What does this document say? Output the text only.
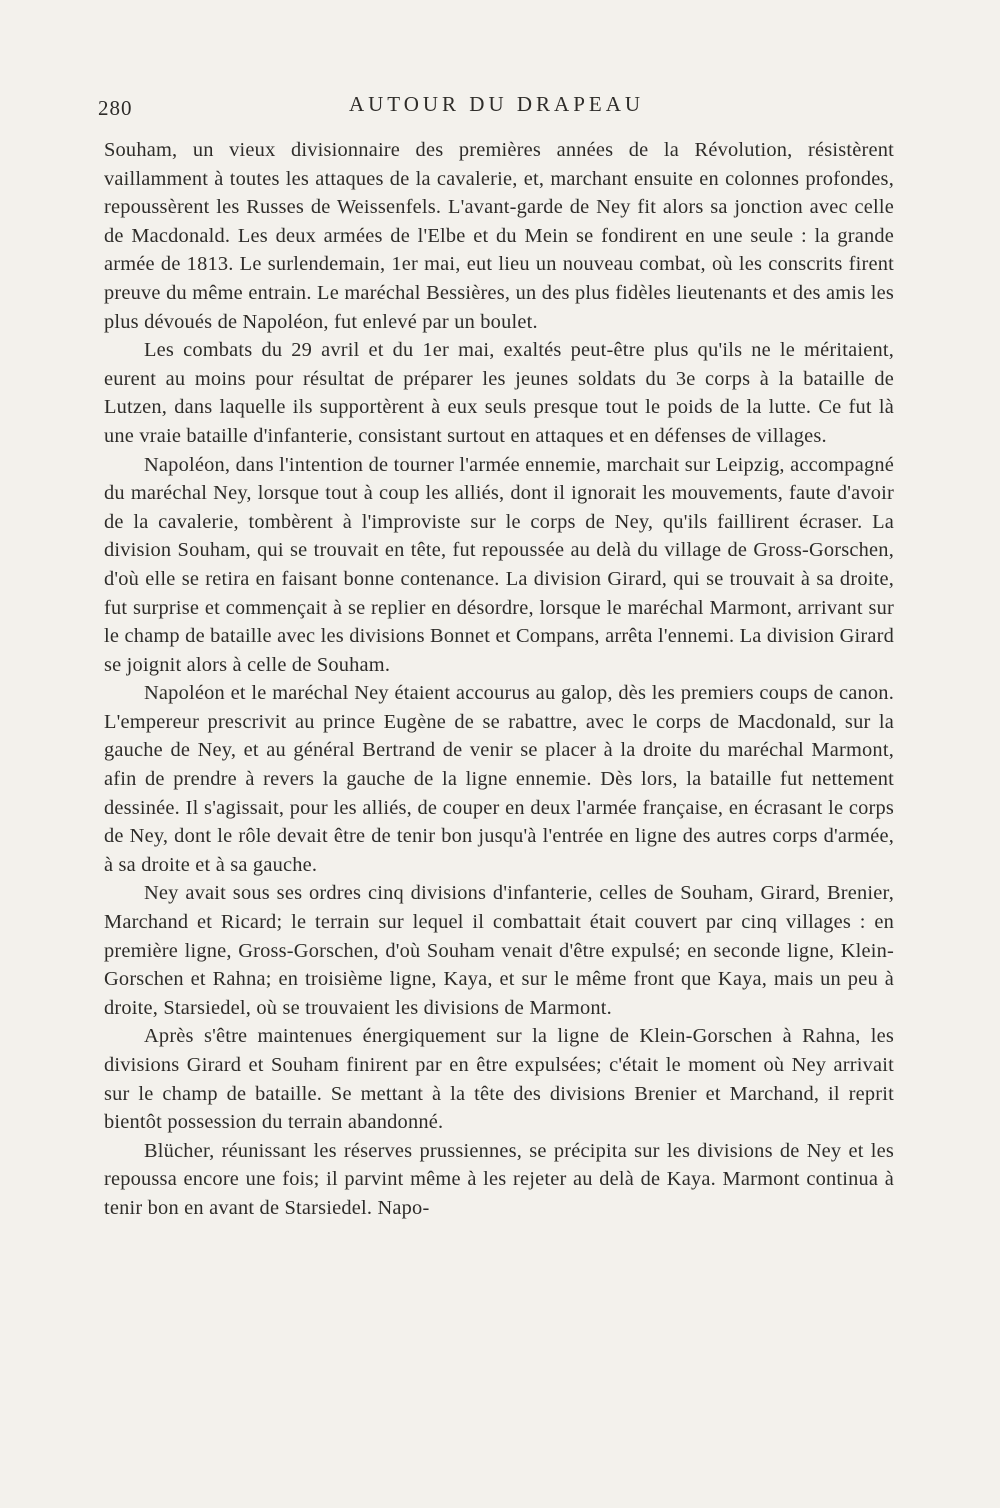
280	AUTOUR DU DRAPEAU

Souham, un vieux divisionnaire des premières années de la Révolution, résistèrent vaillamment à toutes les attaques de la cavalerie, et, marchant ensuite en colonnes profondes, repoussèrent les Russes de Weissenfels. L'avant-garde de Ney fit alors sa jonction avec celle de Macdonald. Les deux armées de l'Elbe et du Mein se fondirent en une seule : la grande armée de 1813. Le surlendemain, 1er mai, eut lieu un nouveau combat, où les conscrits firent preuve du même entrain. Le maréchal Bessières, un des plus fidèles lieutenants et des amis les plus dévoués de Napoléon, fut enlevé par un boulet.

Les combats du 29 avril et du 1er mai, exaltés peut-être plus qu'ils ne le méritaient, eurent au moins pour résultat de préparer les jeunes soldats du 3e corps à la bataille de Lutzen, dans laquelle ils supportèrent à eux seuls presque tout le poids de la lutte. Ce fut là une vraie bataille d'infanterie, consistant surtout en attaques et en défenses de villages.

Napoléon, dans l'intention de tourner l'armée ennemie, marchait sur Leipzig, accompagné du maréchal Ney, lorsque tout à coup les alliés, dont il ignorait les mouvements, faute d'avoir de la cavalerie, tombèrent à l'improviste sur le corps de Ney, qu'ils faillirent écraser. La division Souham, qui se trouvait en tête, fut repoussée au delà du village de Gross-Gorschen, d'où elle se retira en faisant bonne contenance. La division Girard, qui se trouvait à sa droite, fut surprise et commençait à se replier en désordre, lorsque le maréchal Marmont, arrivant sur le champ de bataille avec les divisions Bonnet et Compans, arrêta l'ennemi. La division Girard se joignit alors à celle de Souham.

Napoléon et le maréchal Ney étaient accourus au galop, dès les premiers coups de canon. L'empereur prescrivit au prince Eugène de se rabattre, avec le corps de Macdonald, sur la gauche de Ney, et au général Bertrand de venir se placer à la droite du maréchal Marmont, afin de prendre à revers la gauche de la ligne ennemie. Dès lors, la bataille fut nettement dessinée. Il s'agissait, pour les alliés, de couper en deux l'armée française, en écrasant le corps de Ney, dont le rôle devait être de tenir bon jusqu'à l'entrée en ligne des autres corps d'armée, à sa droite et à sa gauche.

Ney avait sous ses ordres cinq divisions d'infanterie, celles de Souham, Girard, Brenier, Marchand et Ricard; le terrain sur lequel il combattait était couvert par cinq villages : en première ligne, Gross-Gorschen, d'où Souham venait d'être expulsé; en seconde ligne, Klein-Gorschen et Rahna; en troisième ligne, Kaya, et sur le même front que Kaya, mais un peu à droite, Starsiedel, où se trouvaient les divisions de Marmont.

Après s'être maintenues énergiquement sur la ligne de Klein-Gorschen à Rahna, les divisions Girard et Souham finirent par en être expulsées; c'était le moment où Ney arrivait sur le champ de bataille. Se mettant à la tête des divisions Brenier et Marchand, il reprit bientôt possession du terrain abandonné.

Blücher, réunissant les réserves prussiennes, se précipita sur les divisions de Ney et les repoussa encore une fois; il parvint même à les rejeter au delà de Kaya. Marmont continua à tenir bon en avant de Starsiedel. Napo-
